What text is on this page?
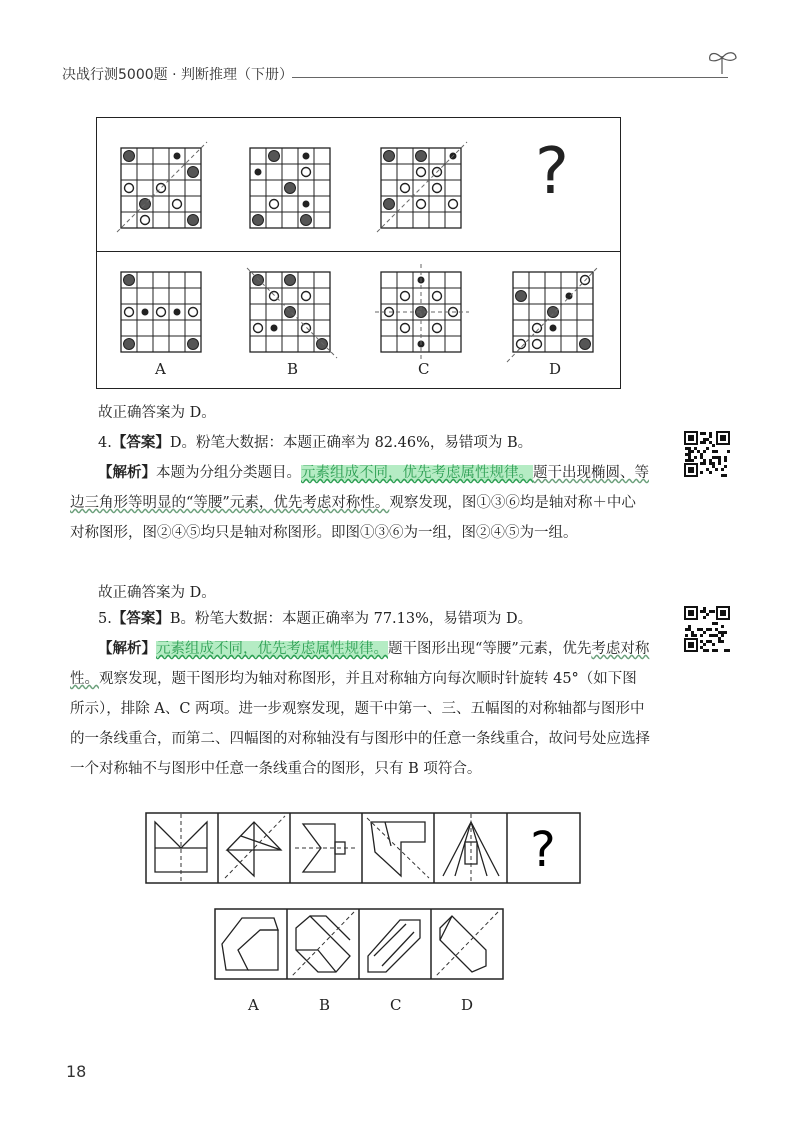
决战行测5000题 · 判断推理（下册）
A	B	C	D
?
故正确答案为 D。
4.【答案】D。粉笔大数据：本题正确率为 82.46%，易错项为 B。
【解析】本题为分组分类题目。元素组成不同，优先考虑属性规律。题干出现椭圆、等边三角形等明显的“等腰”元素，优先考虑对称性。观察发现，图①③⑥均是轴对称＋中心对称图形，图②④⑤均只是轴对称图形。即图①③⑥为一组，图②④⑤为一组。
故正确答案为 D。
5.【答案】B。粉笔大数据：本题正确率为 77.13%，易错项为 D。
【解析】元素组成不同，优先考虑属性规律。题干图形出现“等腰”元素，优先考虑对称性。观察发现，题干图形均为轴对称图形，并且对称轴方向每次顺时针旋转 45°（如下图所示），排除 A、C 两项。进一步观察发现，题干中第一、三、五幅图的对称轴都与图形中的一条线重合，而第二、四幅图的对称轴没有与图形中的任意一条线重合，故问号处应选择一个对称轴不与图形中任意一条线重合的图形，只有 B 项符合。
?
A	B	C	D
18
